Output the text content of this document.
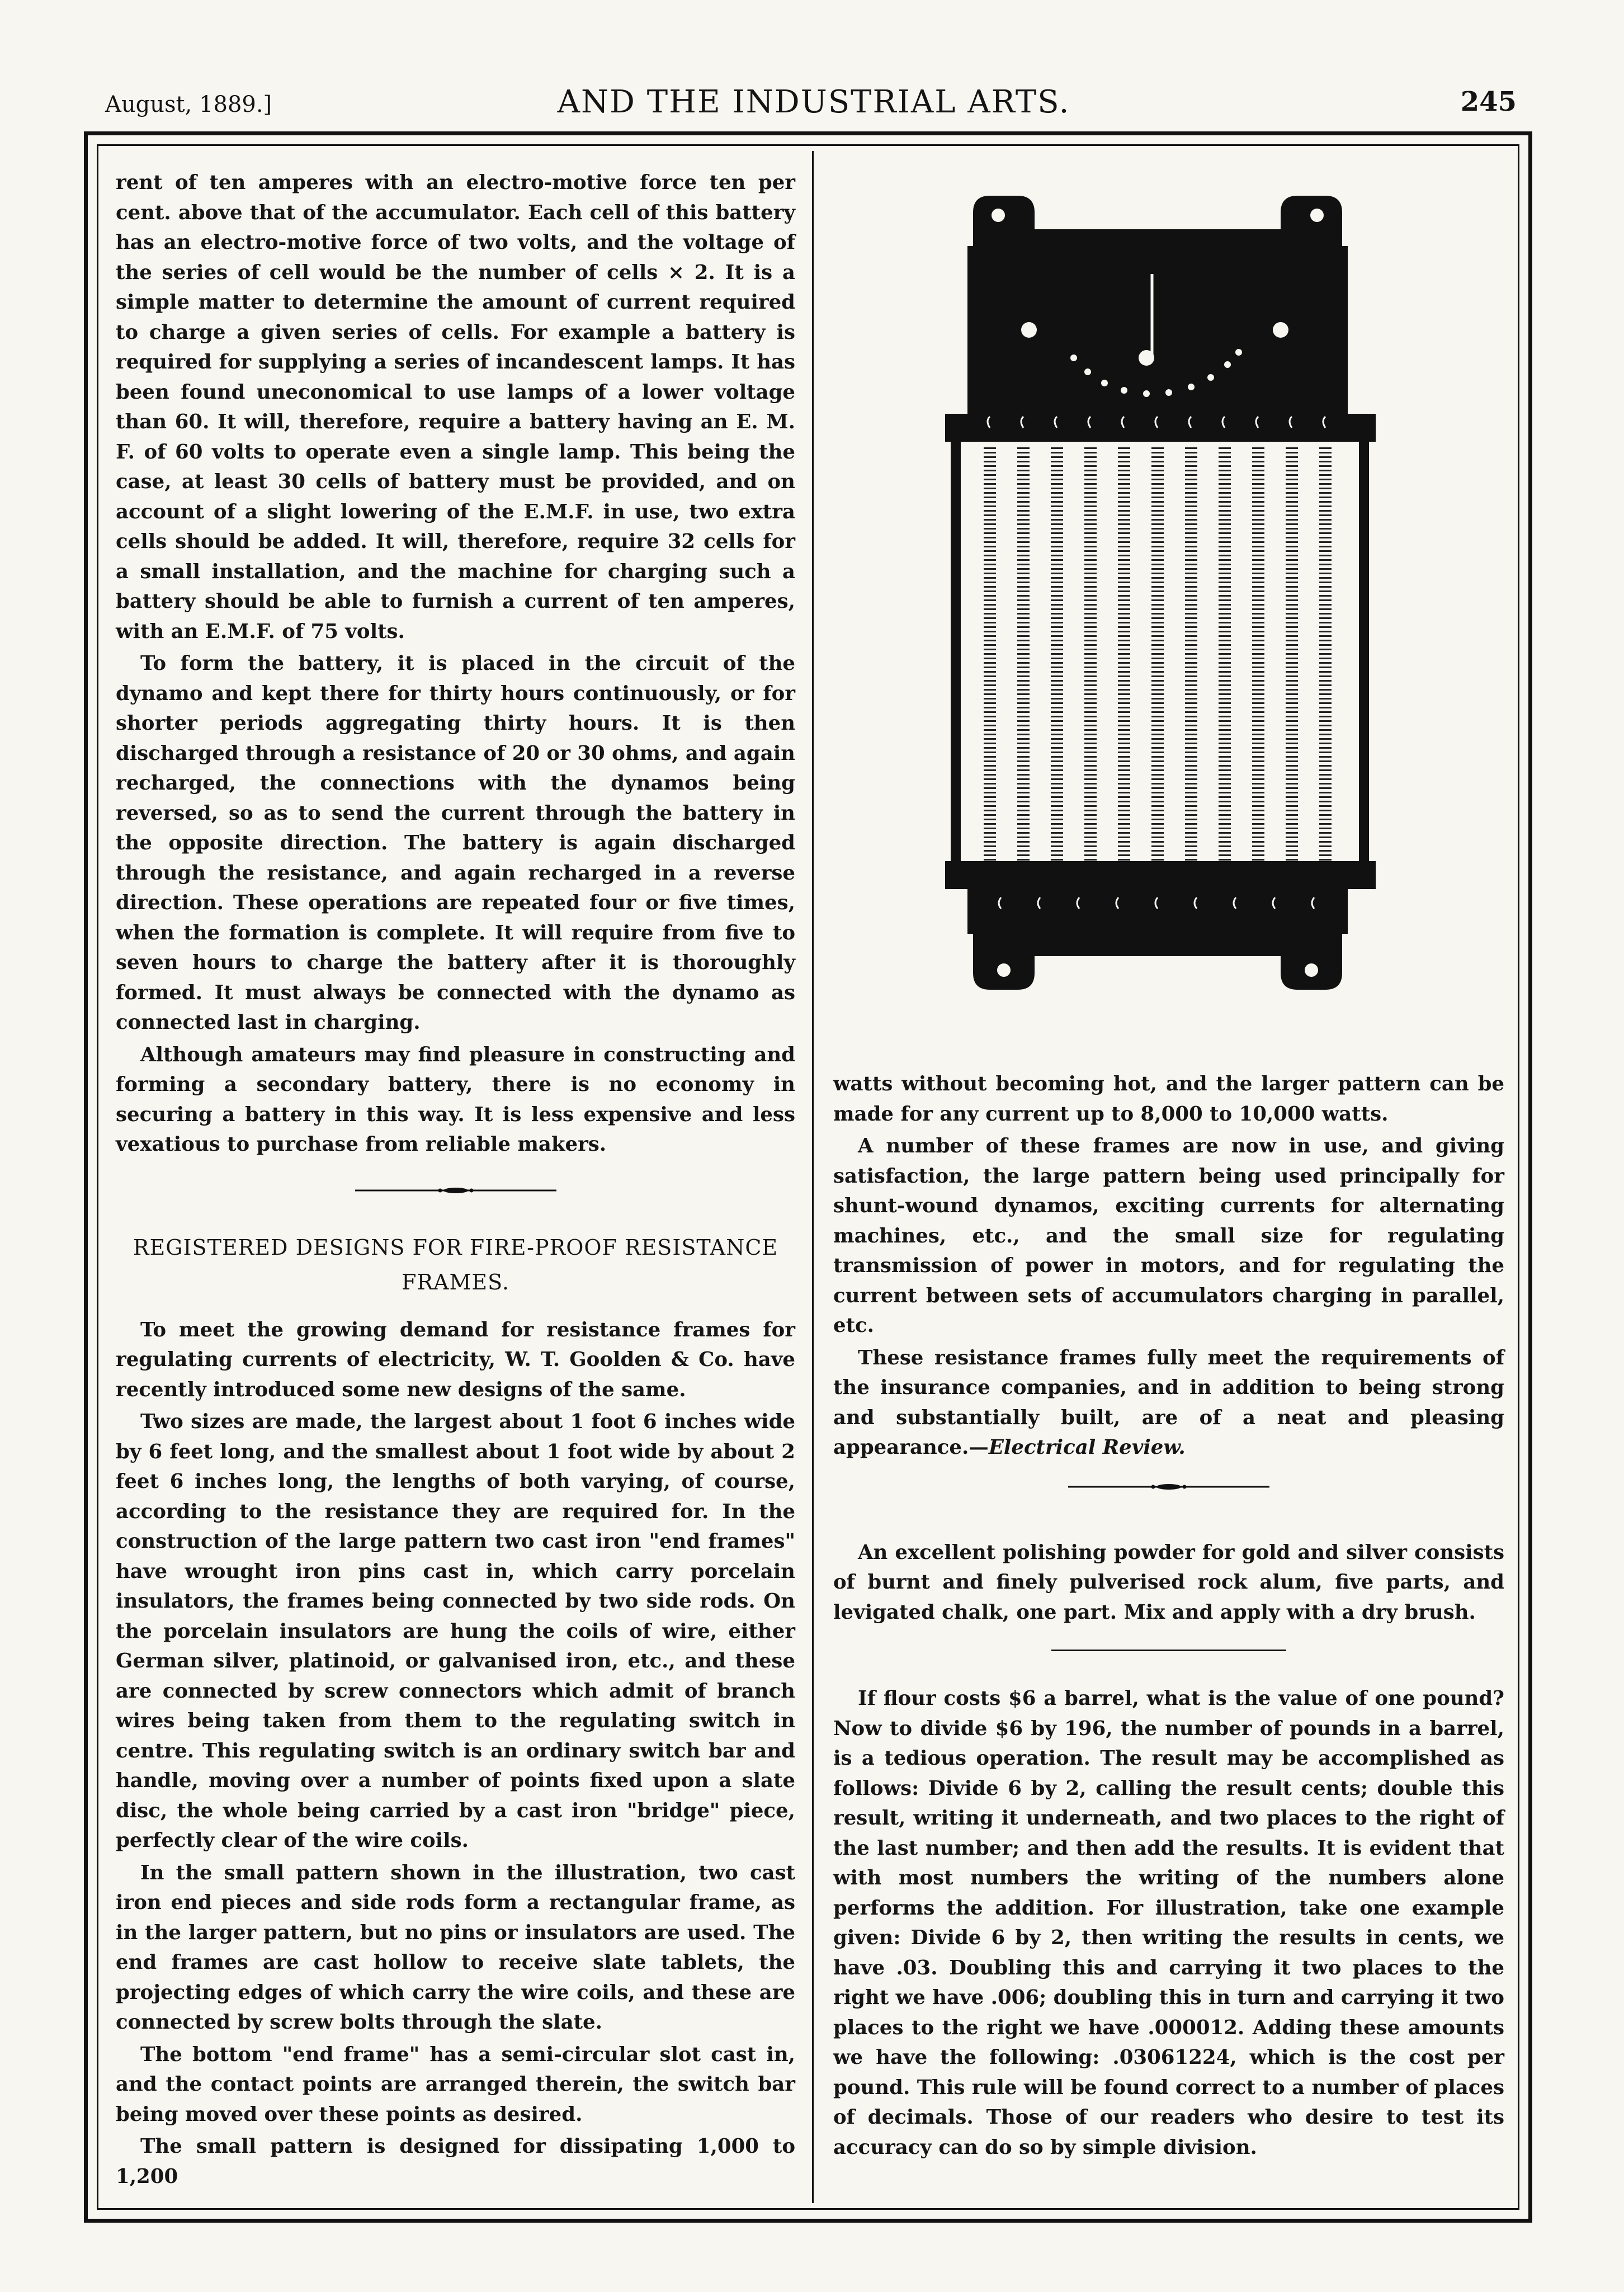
August, 1889.]	AND THE INDUSTRIAL ARTS.	245

rent of ten amperes with an electro-motive force ten per cent. above that of the accumulator. Each cell of this battery has an electro-motive force of two volts, and the voltage of the series of cell would be the number of cells × 2. It is a simple matter to determine the amount of current required to charge a given series of cells. For example a battery is required for supplying a series of incandescent lamps. It has been found uneconomical to use lamps of a lower voltage than 60. It will, therefore, require a battery having an E. M. F. of 60 volts to operate even a single lamp. This being the case, at least 30 cells of battery must be provided, and on account of a slight lowering of the E.M.F. in use, two extra cells should be added. It will, therefore, require 32 cells for a small installation, and the machine for charging such a battery should be able to furnish a current of ten amperes, with an E.M.F. of 75 volts.

To form the battery, it is placed in the circuit of the dynamo and kept there for thirty hours continuously, or for shorter periods aggregating thirty hours. It is then discharged through a resistance of 20 or 30 ohms, and again recharged, the connections with the dynamos being reversed, so as to send the current through the battery in the opposite direction. The battery is again discharged through the resistance, and again recharged in a reverse direction. These operations are repeated four or five times, when the formation is complete. It will require from five to seven hours to charge the battery after it is thoroughly formed. It must always be connected with the dynamo as connected last in charging.

Although amateurs may find pleasure in constructing and forming a secondary battery, there is no economy in securing a battery in this way. It is less expensive and less vexatious to purchase from reliable makers.

REGISTERED DESIGNS FOR FIRE-PROOF RESISTANCE FRAMES.

To meet the growing demand for resistance frames for regulating currents of electricity, W. T. Goolden & Co. have recently introduced some new designs of the same.

Two sizes are made, the largest about 1 foot 6 inches wide by 6 feet long, and the smallest about 1 foot wide by about 2 feet 6 inches long, the lengths of both varying, of course, according to the resistance they are required for. In the construction of the large pattern two cast iron "end frames" have wrought iron pins cast in, which carry porcelain insulators, the frames being connected by two side rods. On the porcelain insulators are hung the coils of wire, either German silver, platinoid, or galvanised iron, etc., and these are connected by screw connectors which admit of branch wires being taken from them to the regulating switch in centre. This regulating switch is an ordinary switch bar and handle, moving over a number of points fixed upon a slate disc, the whole being carried by a cast iron "bridge" piece, perfectly clear of the wire coils.

In the small pattern shown in the illustration, two cast iron end pieces and side rods form a rectangular frame, as in the larger pattern, but no pins or insulators are used. The end frames are cast hollow to receive slate tablets, the projecting edges of which carry the wire coils, and these are connected by screw bolts through the slate.

The bottom "end frame" has a semi-circular slot cast in, and the contact points are arranged therein, the switch bar being moved over these points as desired.

The small pattern is designed for dissipating 1,000 to 1,200

watts without becoming hot, and the larger pattern can be made for any current up to 8,000 to 10,000 watts.

A number of these frames are now in use, and giving satisfaction, the large pattern being used principally for shunt-wound dynamos, exciting currents for alternating machines, etc., and the small size for regulating transmission of power in motors, and for regulating the current between sets of accumulators charging in parallel, etc.

These resistance frames fully meet the requirements of the insurance companies, and in addition to being strong and substantially built, are of a neat and pleasing appearance.—Electrical Review.

An excellent polishing powder for gold and silver consists of burnt and finely pulverised rock alum, five parts, and levigated chalk, one part. Mix and apply with a dry brush.

If flour costs $6 a barrel, what is the value of one pound? Now to divide $6 by 196, the number of pounds in a barrel, is a tedious operation. The result may be accomplished as follows: Divide 6 by 2, calling the result cents; double this result, writing it underneath, and two places to the right of the last number; and then add the results. It is evident that with most numbers the writing of the numbers alone performs the addition. For illustration, take one example given: Divide 6 by 2, then writing the results in cents, we have .03. Doubling this and carrying it two places to the right we have .006; doubling this in turn and carrying it two places to the right we have .000012. Adding these amounts we have the following: .03061224, which is the cost per pound. This rule will be found correct to a number of places of decimals. Those of our readers who desire to test its accuracy can do so by simple division.
